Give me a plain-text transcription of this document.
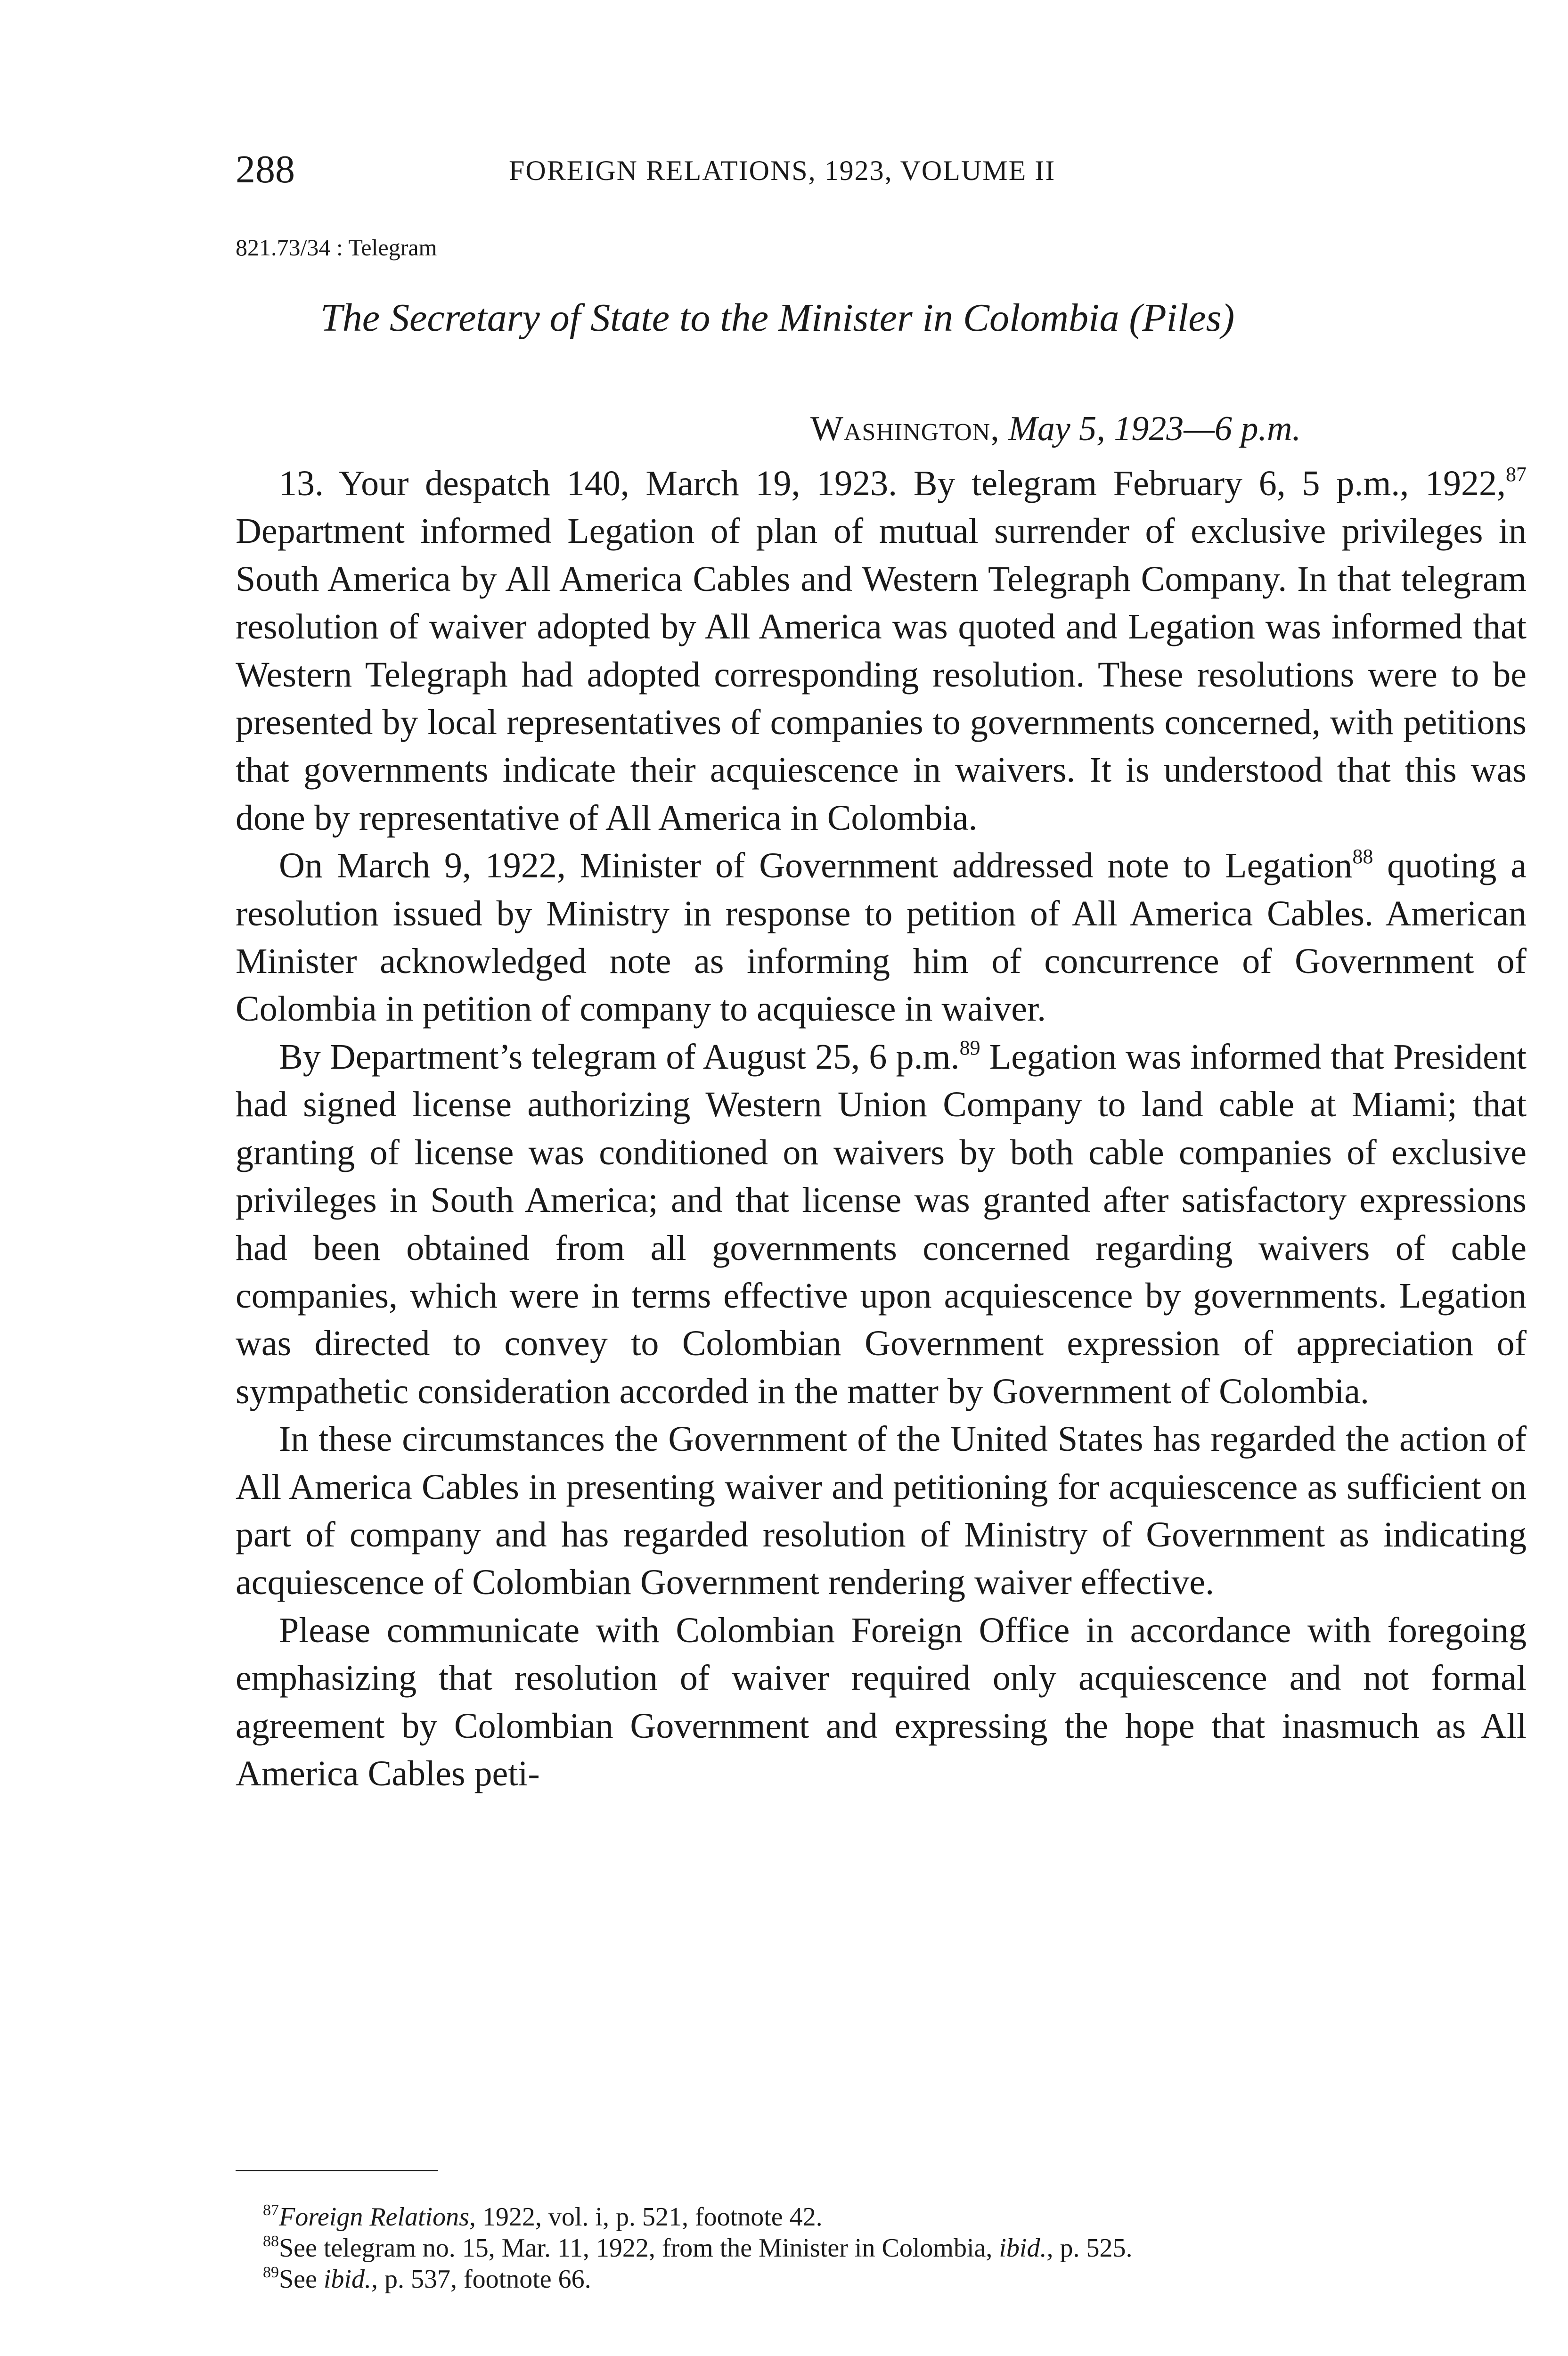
288	FOREIGN RELATIONS, 1923, VOLUME II
821.73/34 : Telegram
The Secretary of State to the Minister in Colombia (Piles)
Washington, May 5, 1923—6 p.m.

13. Your despatch 140, March 19, 1923. By telegram February 6, 5 p.m., 1922,87 Department informed Legation of plan of mutual surrender of exclusive privileges in South America by All America Cables and Western Telegraph Company. In that telegram resolution of waiver adopted by All America was quoted and Legation was informed that Western Telegraph had adopted corresponding resolution. These resolutions were to be presented by local representatives of companies to governments concerned, with petitions that governments indicate their acquiescence in waivers. It is understood that this was done by representative of All America in Colombia.

On March 9, 1922, Minister of Government addressed note to Legation$^{88}$ quoting a resolution issued by Ministry in response to petition of All America Cables. American Minister acknowledged note as informing him of concurrence of Government of Colombia in petition of company to acquiesce in waiver.

By Department’s telegram of August 25, 6 p.m.$^{89}$ Legation was informed that President had signed license authorizing Western Union Company to land cable at Miami; that granting of license was conditioned on waivers by both cable companies of exclusive privileges in South America; and that license was granted after satisfactory expressions had been obtained from all governments concerned regarding waivers of cable companies, which were in terms effective upon acquiescence by governments. Legation was directed to convey to Colombian Government expression of appreciation of sympathetic consideration accorded in the matter by Government of Colombia.

In these circumstances the Government of the United States has regarded the action of All America Cables in presenting waiver and petitioning for acquiescence as sufficient on part of company and has regarded resolution of Ministry of Government as indicating acquiescence of Colombian Government rendering waiver effective.

Please communicate with Colombian Foreign Office in accordance with foregoing emphasizing that resolution of waiver required only acquiescence and not formal agreement by Colombian Government and expressing the hope that inasmuch as All America Cables peti-

$^{87}$Foreign Relations, 1922, vol. i, p. 521, footnote 42.

$^{88}$See telegram no. 15, Mar. 11, 1922, from the Minister in Colombia, ibid., p. 525.

$^{89}$See ibid., p. 537, footnote 66.
